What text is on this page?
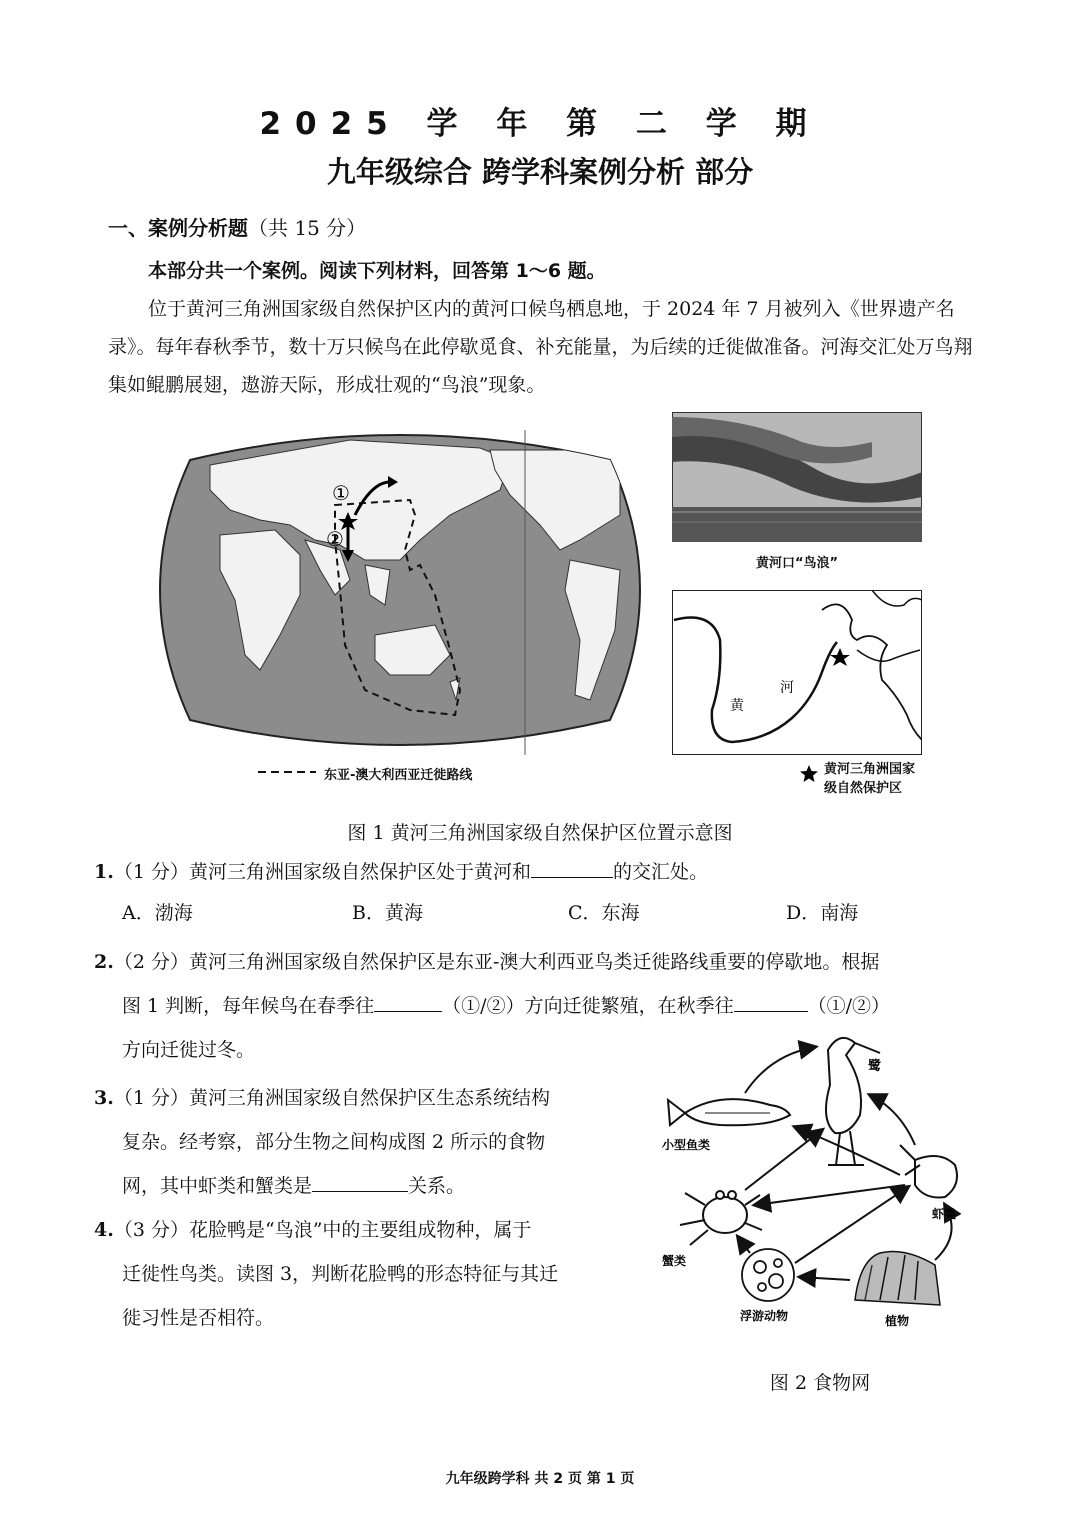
2025 学 年 第 二 学 期
九年级综合 跨学科案例分析 部分
一、案例分析题（共 15 分）
本部分共一个案例。阅读下列材料，回答第 1～6 题。
位于黄河三角洲国家级自然保护区内的黄河口候鸟栖息地，于 2024 年 7 月被列入《世界遗产名录》。每年春秋季节，数十万只候鸟在此停歇觅食、补充能量，为后续的迁徙做准备。河海交汇处万鸟翔集如鲲鹏展翅，遨游天际，形成壮观的“鸟浪”现象。
①
②
东亚-澳大利西亚迁徙路线
黄河口“鸟浪”
黄
河
黄河三角洲国家
级自然保护区
图 1 黄河三角洲国家级自然保护区位置示意图
1.（1 分）黄河三角洲国家级自然保护区处于黄河和	的交汇处。
A．渤海	B．黄海	C．东海	D．南海
2.（2 分）黄河三角洲国家级自然保护区是东亚-澳大利西亚鸟类迁徙路线重要的停歇地。根据
图 1 判断，每年候鸟在春季往	（①/②）方向迁徙繁殖，在秋季往	（①/②）
方向迁徙过冬。
3.（1 分）黄河三角洲国家级自然保护区生态系统结构
复杂。经考察，部分生物之间构成图 2 所示的食物
网，其中虾类和蟹类是	关系。
4.（3 分）花脸鸭是“鸟浪”中的主要组成物种，属于
迁徙性鸟类。读图 3，判断花脸鸭的形态特征与其迁
徙习性是否相符。
鹭
小型鱼类
虾类
蟹类
浮游动物	植物
图 2 食物网
九年级跨学科 共 2 页 第 1 页
